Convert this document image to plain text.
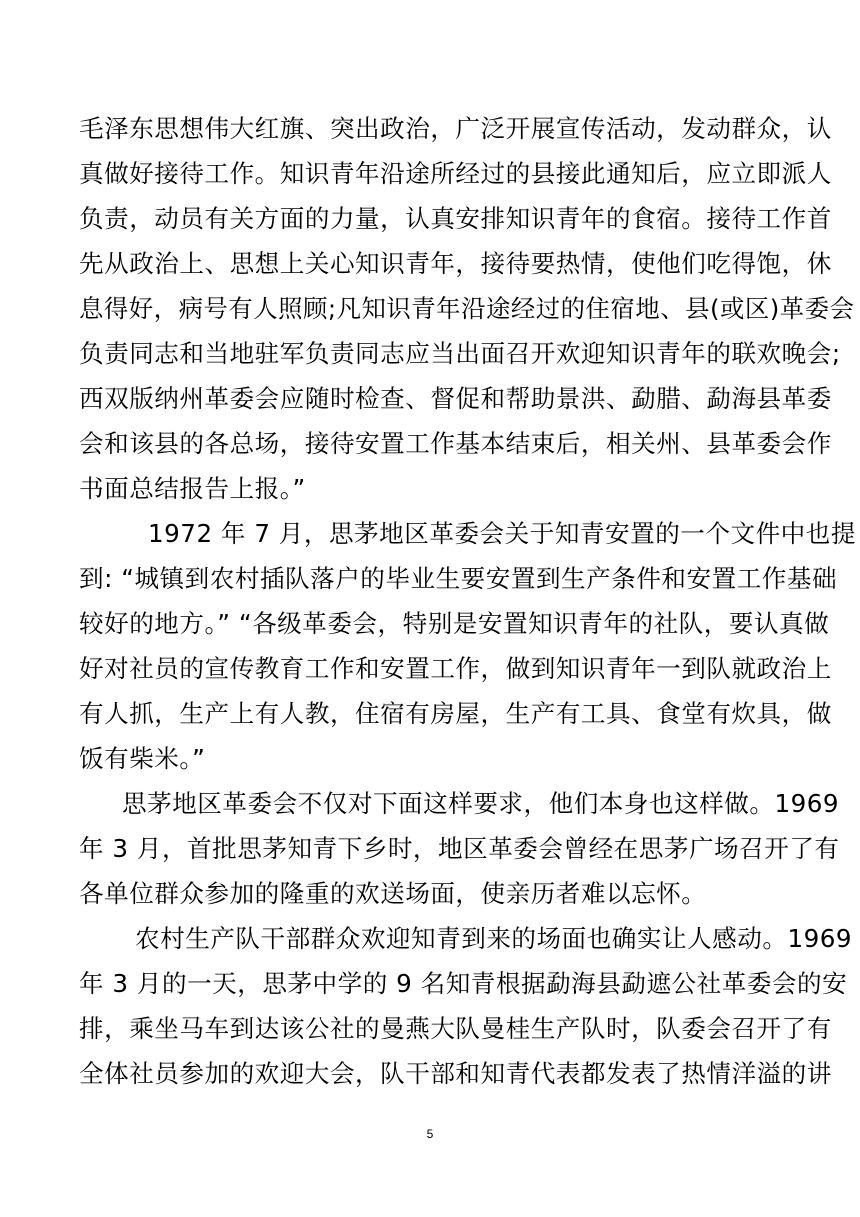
毛泽东思想伟大红旗、突出政治，广泛开展宣传活动，发动群众，认
真做好接待工作。知识青年沿途所经过的县接此通知后，应立即派人
负责，动员有关方面的力量，认真安排知识青年的食宿。接待工作首
先从政治上、思想上关心知识青年，接待要热情，使他们吃得饱，休
息得好，病号有人照顾;凡知识青年沿途经过的住宿地、县(或区)革委会
负责同志和当地驻军负责同志应当出面召开欢迎知识青年的联欢晚会;
西双版纳州革委会应随时检查、督促和帮助景洪、勐腊、勐海县革委
会和该县的各总场，接待安置工作基本结束后，相关州、县革委会作
书面总结报告上报。”
1972 年 7 月，思茅地区革委会关于知青安置的一个文件中也提
到: “城镇到农村插队落户的毕业生要安置到生产条件和安置工作基础
较好的地方。” “各级革委会，特别是安置知识青年的社队，要认真做
好对社员的宣传教育工作和安置工作，做到知识青年一到队就政治上
有人抓，生产上有人教，住宿有房屋，生产有工具、食堂有炊具，做
饭有柴米。”
思茅地区革委会不仅对下面这样要求，他们本身也这样做。1969
年 3 月，首批思茅知青下乡时，地区革委会曾经在思茅广场召开了有
各单位群众参加的隆重的欢送场面，使亲历者难以忘怀。
农村生产队干部群众欢迎知青到来的场面也确实让人感动。1969
年 3 月的一天，思茅中学的 9 名知青根据勐海县勐遮公社革委会的安
排，乘坐马车到达该公社的曼燕大队曼桂生产队时，队委会召开了有
全体社员参加的欢迎大会，队干部和知青代表都发表了热情洋溢的讲
5
